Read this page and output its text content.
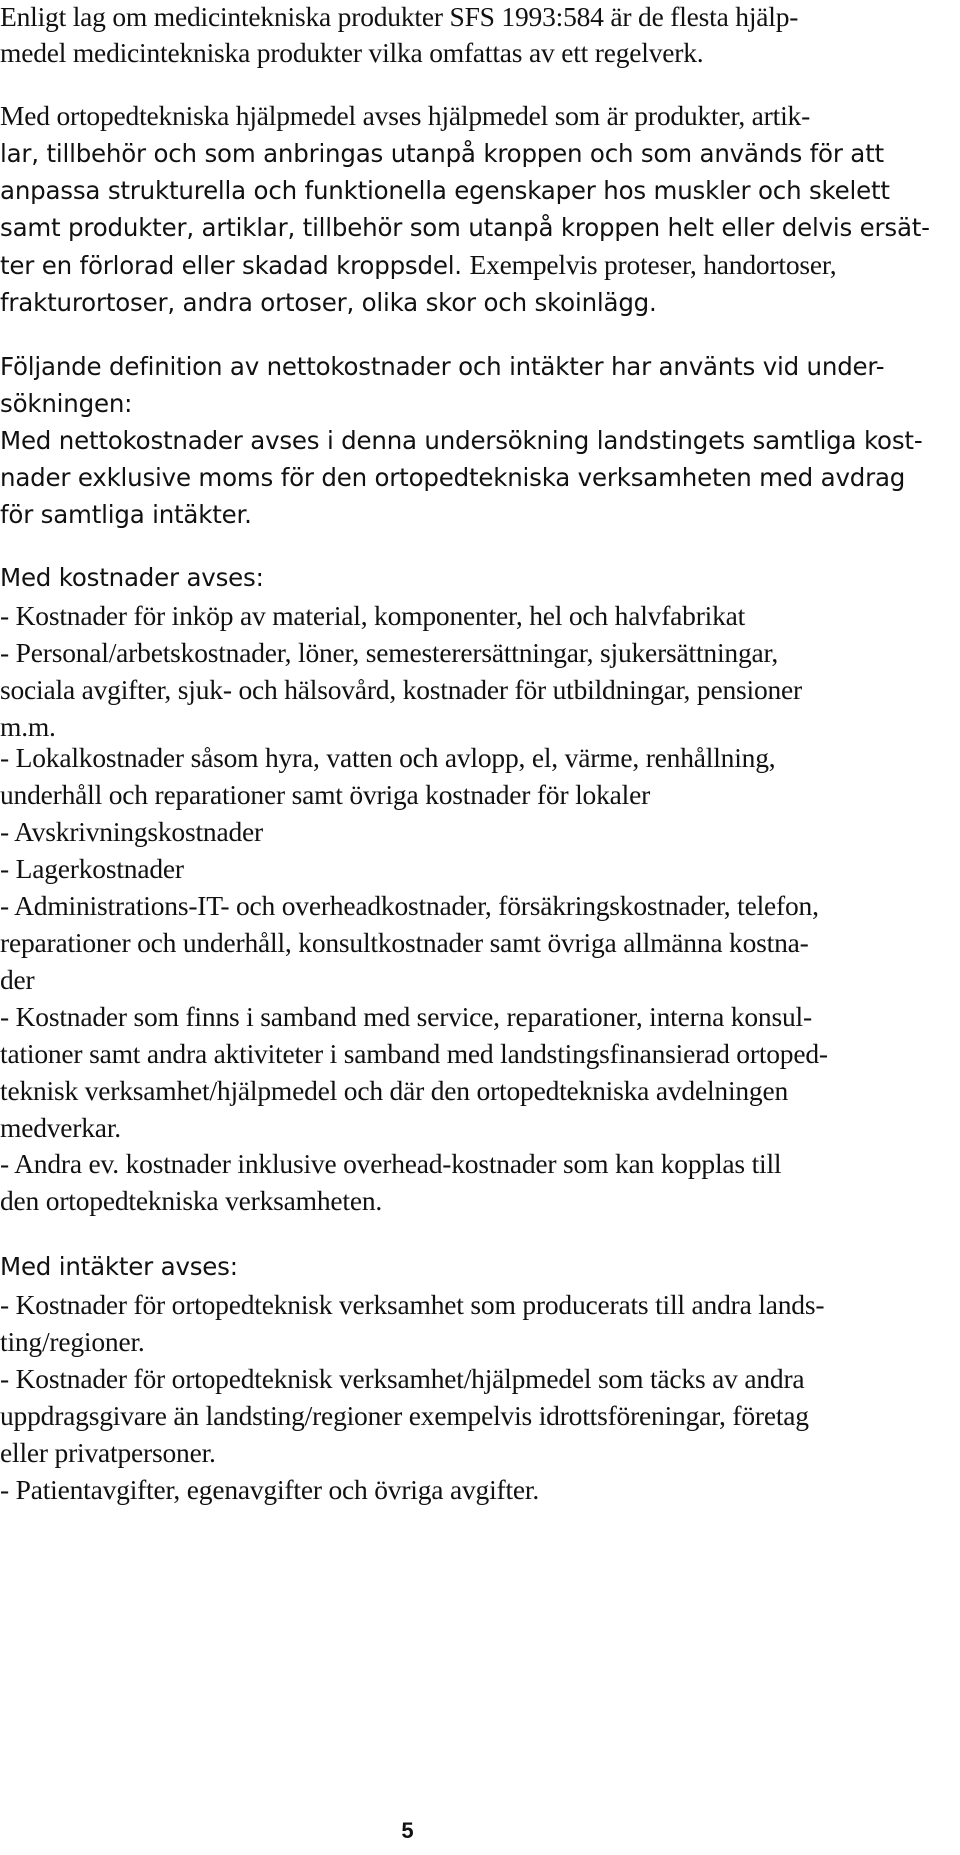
Enligt lag om medicintekniska produkter SFS 1993:584 är de flesta hjälp-

medel medicintekniska produkter vilka omfattas av ett regelverk.

Med ortopedtekniska hjälpmedel avses hjälpmedel som är produkter, artik-

lar, tillbehör och som anbringas utanpå kroppen och som används för att

anpassa strukturella och funktionella egenskaper hos muskler och skelett

samt produkter, artiklar, tillbehör som utanpå kroppen helt eller delvis ersät-

ter en förlorad eller skadad kroppsdel. Exempelvis proteser, handortoser,

frakturortoser, andra ortoser, olika skor och skoinlägg.

Följande definition av nettokostnader och intäkter har använts vid under-

sökningen:

Med nettokostnader avses i denna undersökning landstingets samtliga kost-

nader exklusive moms för den ortopedtekniska verksamheten med avdrag

för samtliga intäkter.

Med kostnader avses:

- Kostnader för inköp av material, komponenter, hel och halvfabrikat

- Personal/arbetskostnader, löner, semesterersättningar, sjukersättningar,

sociala avgifter, sjuk- och hälsovård, kostnader för utbildningar, pensioner

m.m.

- Lokalkostnader såsom hyra, vatten och avlopp, el, värme, renhållning,

underhåll och reparationer samt övriga kostnader för lokaler

- Avskrivningskostnader

- Lagerkostnader

- Administrations-IT- och overheadkostnader, försäkringskostnader, telefon,

reparationer och underhåll, konsultkostnader samt övriga allmänna kostna-

der

- Kostnader som finns i samband med service, reparationer, interna konsul-

tationer samt andra aktiviteter i samband med landstingsfinansierad ortoped-

teknisk verksamhet/hjälpmedel och där den ortopedtekniska avdelningen

medverkar.

- Andra ev. kostnader inklusive overhead-kostnader som kan kopplas till

den ortopedtekniska verksamheten.

Med intäkter avses:

- Kostnader för ortopedteknisk verksamhet som producerats till andra lands-

ting/regioner.

- Kostnader för ortopedteknisk verksamhet/hjälpmedel som täcks av andra

uppdragsgivare än landsting/regioner exempelvis idrottsföreningar, företag

eller privatpersoner.

- Patientavgifter, egenavgifter och övriga avgifter.

5
